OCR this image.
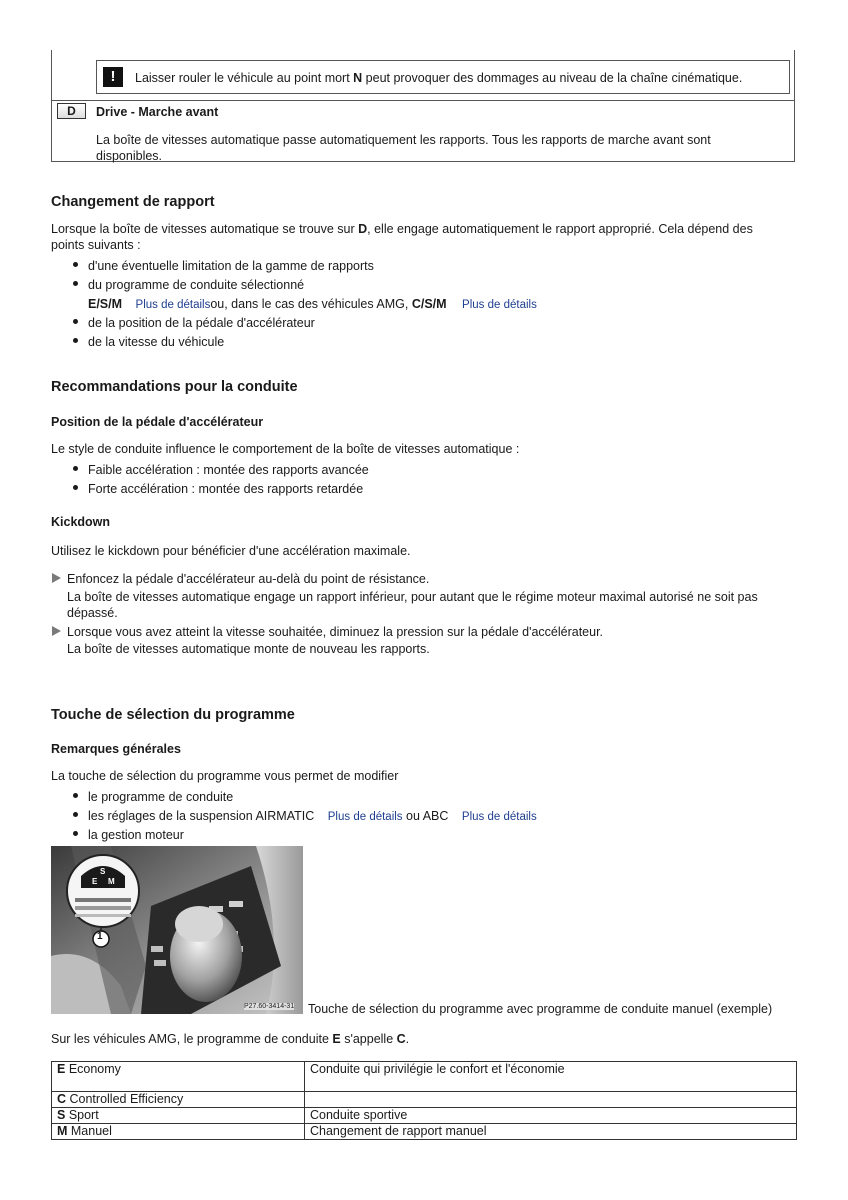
!	Laisser rouler le véhicule au point mort N peut provoquer des dommages au niveau de la chaîne cinématique.

D	Drive - Marche avant

La boîte de vitesses automatique passe automatiquement les rapports. Tous les rapports de marche avant sont

disponibles.

Changement de rapport

Lorsque la boîte de vitesses automatique se trouve sur D, elle engage automatiquement le rapport approprié. Cela dépend des

points suivants :

d'une éventuelle limitation de la gamme de rapports

du programme de conduite sélectionné

E/S/M Plus de détailsou, dans le cas des véhicules AMG, C/S/M Plus de détails

de la position de la pédale d'accélérateur

de la vitesse du véhicule

Recommandations pour la conduite
Position de la pédale d'accélérateur

Le style de conduite influence le comportement de la boîte de vitesses automatique :

Faible accélération : montée des rapports avancée

Forte accélération : montée des rapports retardée

Kickdown

Utilisez le kickdown pour bénéficier d'une accélération maximale.

Enfoncez la pédale d'accélérateur au-delà du point de résistance.

La boîte de vitesses automatique engage un rapport inférieur, pour autant que le régime moteur maximal autorisé ne soit pas

dépassé.

Lorsque vous avez atteint la vitesse souhaitée, diminuez la pression sur la pédale d'accélérateur.

La boîte de vitesses automatique monte de nouveau les rapports.

Touche de sélection du programme
Remarques générales

La touche de sélection du programme vous permet de modifier

le programme de conduite

les réglages de la suspension AIRMATIC Plus de détails ou ABC Plus de détails

la gestion moteur

S
E M
1
P27.60-3414-31 Touche de sélection du programme avec programme de conduite manuel (exemple)

Sur les véhicules AMG, le programme de conduite E s'appelle C.

E Economy	Conduite qui privilégie le confort et l'économie
C Controlled Efficiency	
S Sport	Conduite sportive
M Manuel	Changement de rapport manuel
